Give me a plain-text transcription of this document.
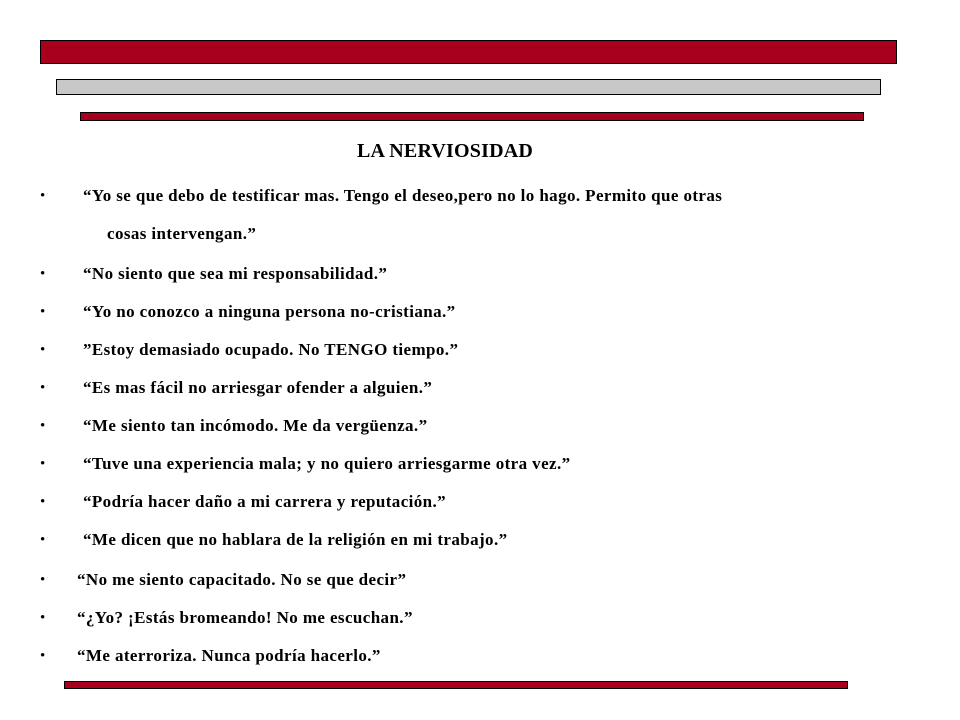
LA NERVIOSIDAD
• “Yo se que debo de testificar mas. Tengo el deseo,pero no lo hago. Permito que otras
cosas intervengan.”
• “No siento que sea mi responsabilidad.”
• “Yo no conozco a ninguna persona no-cristiana.”
• ”Estoy demasiado ocupado. No TENGO tiempo.”
• “Es mas fácil no arriesgar ofender a alguien.”
• “Me siento tan incómodo. Me da vergüenza.”
• “Tuve una experiencia mala; y no quiero arriesgarme otra vez.”
• “Podría hacer daño a mi carrera y reputación.”
• “Me dicen que no hablara de la religión en mi trabajo.”
• “No me siento capacitado. No se que decir”
• “¿Yo? ¡Estás bromeando! No me escuchan.”
• “Me aterroriza. Nunca podría hacerlo.”
